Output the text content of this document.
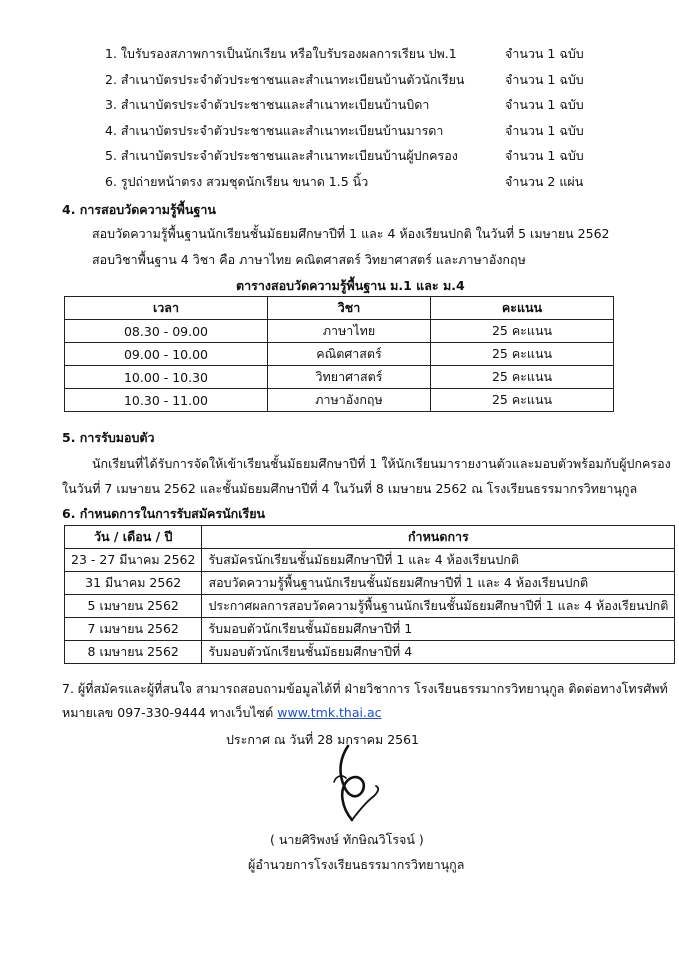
1. ใบรับรองสภาพการเป็นนักเรียน หรือใบรับรองผลการเรียน ปพ.1	จำนวน 1 ฉบับ
2. สำเนาบัตรประจำตัวประชาชนและสำเนาทะเบียนบ้านตัวนักเรียน	จำนวน 1 ฉบับ
3. สำเนาบัตรประจำตัวประชาชนและสำเนาทะเบียนบ้านบิดา	จำนวน 1 ฉบับ
4. สำเนาบัตรประจำตัวประชาชนและสำเนาทะเบียนบ้านมารดา	จำนวน 1 ฉบับ
5. สำเนาบัตรประจำตัวประชาชนและสำเนาทะเบียนบ้านผู้ปกครอง	จำนวน 1 ฉบับ
6. รูปถ่ายหน้าตรง สวมชุดนักเรียน ขนาด 1.5 นิ้ว	จำนวน 2 แผ่น
4. การสอบวัดความรู้พื้นฐาน
สอบวัดความรู้พื้นฐานนักเรียนชั้นมัธยมศึกษาปีที่ 1 และ 4 ห้องเรียนปกติ ในวันที่ 5 เมษายน 2562
สอบวิชาพื้นฐาน 4 วิชา คือ ภาษาไทย คณิตศาสตร์ วิทยาศาสตร์ และภาษาอังกฤษ
ตารางสอบวัดความรู้พื้นฐาน ม.1 และ ม.4
เวลา	วิชา	คะแนน
08.30 - 09.00	ภาษาไทย	25 คะแนน
09.00 - 10.00	คณิตศาสตร์	25 คะแนน
10.00 - 10.30	วิทยาศาสตร์	25 คะแนน
10.30 - 11.00	ภาษาอังกฤษ	25 คะแนน
5. การรับมอบตัว
นักเรียนที่ได้รับการจัดให้เข้าเรียนชั้นมัธยมศึกษาปีที่ 1 ให้นักเรียนมารายงานตัวและมอบตัวพร้อมกับผู้ปกครอง
ในวันที่ 7 เมษายน 2562 และชั้นมัธยมศึกษาปีที่ 4 ในวันที่ 8 เมษายน 2562 ณ โรงเรียนธรรมากรวิทยานุกูล
6. กำหนดการในการรับสมัครนักเรียน
วัน / เดือน / ปี	กำหนดการ
23 - 27 มีนาคม 2562	รับสมัครนักเรียนชั้นมัธยมศึกษาปีที่ 1 และ 4 ห้องเรียนปกติ
31 มีนาคม 2562	สอบวัดความรู้พื้นฐานนักเรียนชั้นมัธยมศึกษาปีที่ 1 และ 4 ห้องเรียนปกติ
5 เมษายน 2562	ประกาศผลการสอบวัดความรู้พื้นฐานนักเรียนชั้นมัธยมศึกษาปีที่ 1 และ 4 ห้องเรียนปกติ
7 เมษายน 2562	รับมอบตัวนักเรียนชั้นมัธยมศึกษาปีที่ 1
8 เมษายน 2562	รับมอบตัวนักเรียนชั้นมัธยมศึกษาปีที่ 4
7. ผู้ที่สมัครและผู้ที่สนใจ สามารถสอบถามข้อมูลได้ที่ ฝ่ายวิชาการ โรงเรียนธรรมากรวิทยานุกูล ติดต่อทางโทรศัพท์
หมายเลข 097-330-9444 ทางเว็บไซต์ www.tmk.thai.ac
ประกาศ ณ วันที่ 28 มกราคม 2561
( นายศิริพงษ์ ทักษิณวิโรจน์ )
ผู้อำนวยการโรงเรียนธรรมากรวิทยานุกูล
